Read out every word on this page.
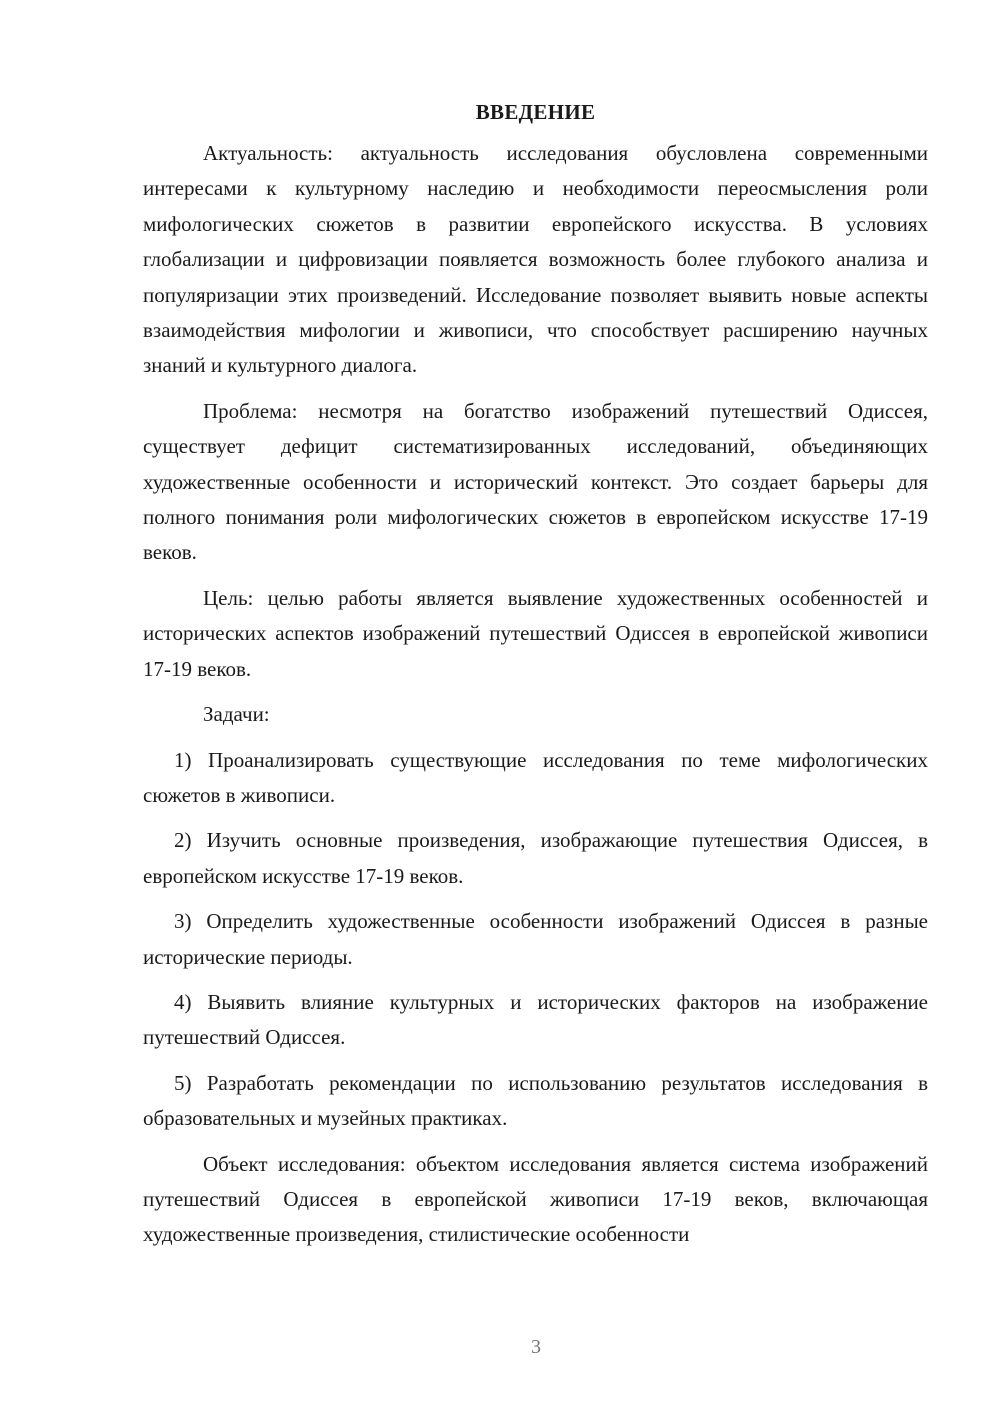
ВВЕДЕНИЕ

Актуальность: актуальность исследования обусловлена современными интересами к культурному наследию и необходимости переосмысления роли мифологических сюжетов в развитии европейского искусства. В условиях глобализации и цифровизации появляется возможность более глубокого анализа и популяризации этих произведений. Исследование позволяет выявить новые аспекты взаимодействия мифологии и живописи, что способствует расширению научных знаний и культурного диалога.

Проблема: несмотря на богатство изображений путешествий Одиссея, существует дефицит систематизированных исследований, объединяющих художественные особенности и исторический контекст. Это создает барьеры для полного понимания роли мифологических сюжетов в европейском искусстве 17-19 веков.

Цель: целью работы является выявление художественных особенностей и исторических аспектов изображений путешествий Одиссея в европейской живописи 17-19 веков.

Задачи:

1) Проанализировать существующие исследования по теме мифологических сюжетов в живописи.

2) Изучить основные произведения, изображающие путешествия Одиссея, в европейском искусстве 17-19 веков.

3) Определить художественные особенности изображений Одиссея в разные исторические периоды.

4) Выявить влияние культурных и исторических факторов на изображение путешествий Одиссея.

5) Разработать рекомендации по использованию результатов исследования в образовательных и музейных практиках.

Объект исследования: объектом исследования является система изображений путешествий Одиссея в европейской живописи 17-19 веков, включающая художественные произведения, стилистические особенности

3
